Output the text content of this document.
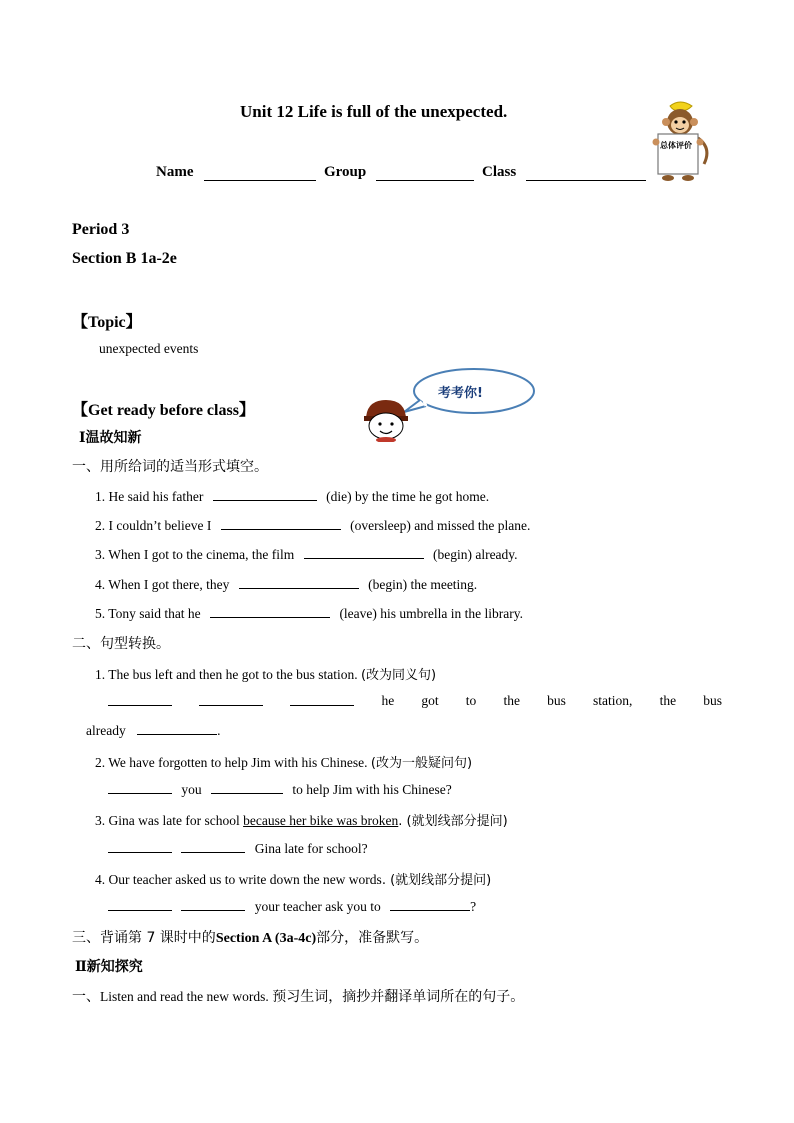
Unit 12 Life is full of the unexpected.
总体评价
Name	Group	Class
Period 3
Section B 1a-2e
【Topic】
unexpected events
考考你!
【Get ready before class】
Ⅰ温故知新
一、用所给词的适当形式填空。
1. He said his father	(die) by the time he got home.
2. I couldn’t believe I	(oversleep) and missed the plane.
3. When I got to the cinema, the film	(begin) already.
4. When I got there, they	(begin) the meeting.
5. Tony said that he	(leave) his umbrella in the library.
二、句型转换。
1. The bus left and then he got to the bus station. (改为同义句)
he got to the bus station, the bus
already	.
2. We have forgotten to help Jim with his Chinese. (改为一般疑问句)
you	to help Jim with his Chinese?
3. Gina was late for school because her bike was broken. (就划线部分提问)
Gina late for school?
4. Our teacher asked us to write down the new words. (就划线部分提问)
your teacher ask you to	?
三、背诵第 7 课时中的Section A (3a-4c)部分，准备默写。
Ⅱ新知探究
一、Listen and read the new words. 预习生词，摘抄并翻译单词所在的句子。
